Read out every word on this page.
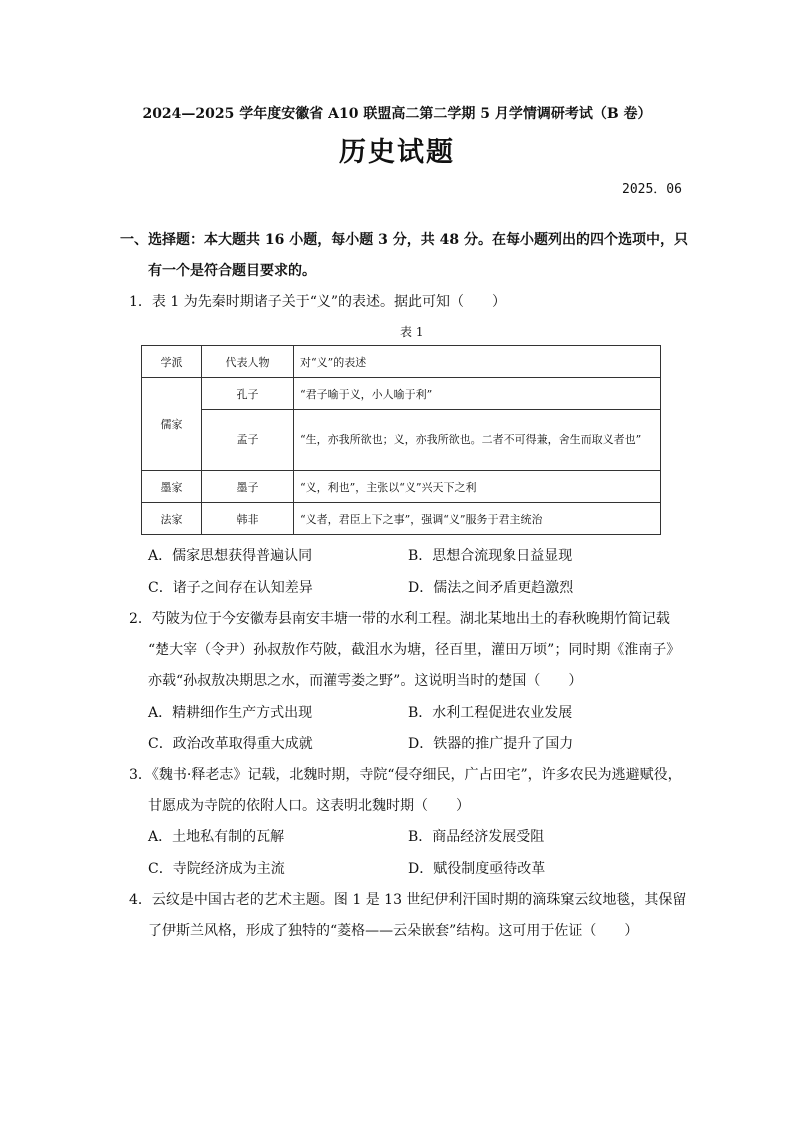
2024—2025 学年度安徽省 A10 联盟高二第二学期 5 月学情调研考试（B 卷）
历史试题
2025．06
一、选择题：本大题共 16 小题，每小题 3 分，共 48 分。在每小题列出的四个选项中，只
有一个是符合题目要求的。
1．表 1 为先秦时期诸子关于“义”的表述。据此可知（　　）
表 1
学派	代表人物	对“义”的表述
儒家	孔子	“君子喻于义，小人喻于利”
	孟子	“生，亦我所欲也；义，亦我所欲也。二者不可得兼，舍生而取义者也”
墨家	墨子	“义，利也”，主张以“义”兴天下之利
法家	韩非	“义者，君臣上下之事”，强调“义”服务于君主统治
A．儒家思想获得普遍认同	B．思想合流现象日益显现
C．诸子之间存在认知差异	D．儒法之间矛盾更趋激烈
2．芍陂为位于今安徽寿县南安丰塘一带的水利工程。湖北某地出土的春秋晚期竹简记载
“楚大宰（令尹）孙叔敖作芍陂，截沮水为塘，径百里，灌田万顷”；同时期《淮南子》
亦载“孙叔敖决期思之水，而灌雩娄之野”。这说明当时的楚国（　　）
A．精耕细作生产方式出现	B．水利工程促进农业发展
C．政治改革取得重大成就	D．铁器的推广提升了国力
3．《魏书·释老志》记载，北魏时期，寺院“侵夺细民，广占田宅”，许多农民为逃避赋役，
甘愿成为寺院的依附人口。这表明北魏时期（　　）
A．土地私有制的瓦解	B．商品经济发展受阻
C．寺院经济成为主流	D．赋役制度亟待改革
4．云纹是中国古老的艺术主题。图 1 是 13 世纪伊利汗国时期的滴珠窠云纹地毯，其保留
了伊斯兰风格，形成了独特的“菱格——云朵嵌套”结构。这可用于佐证（　　）
